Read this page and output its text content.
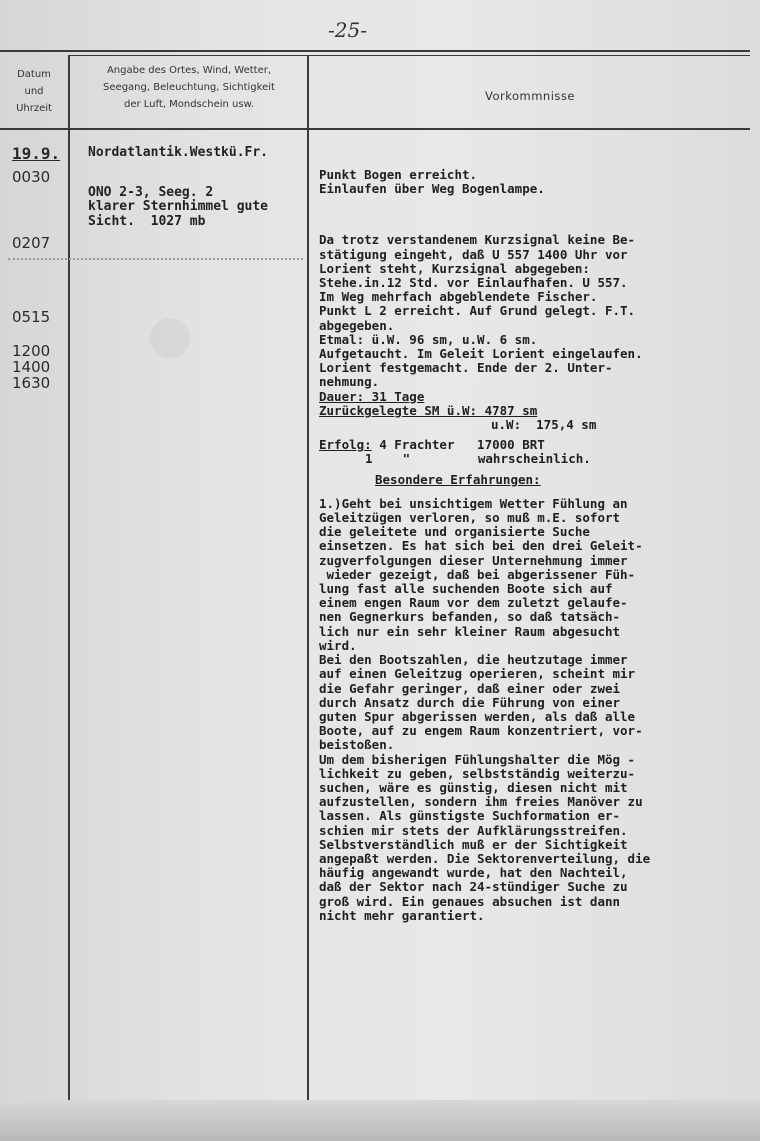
-25-
Datum
und
Uhrzeit
Angabe des Ortes, Wind, Wetter,
Seegang, Beleuchtung, Sichtigkeit
der Luft, Mondschein usw.
Vorkommnisse
19.9.
0030
0207
0515
1200
1400
1630
Nordatlantik.Westkü.Fr.
ONO 2-3, Seeg. 2
klarer Sternhimmel gute
Sicht.  1027 mb
Punkt Bogen erreicht.
Einlaufen über Weg Bogenlampe.
Da trotz verstandenem Kurzsignal keine Be-
stätigung eingeht, daß U 557 1400 Uhr vor
Lorient steht, Kurzsignal abgegeben:
Stehe.in.12 Std. vor Einlaufhafen. U 557.
Im Weg mehrfach abgeblendete Fischer.
Punkt L 2 erreicht. Auf Grund gelegt. F.T.
abgegeben.
Etmal: ü.W. 96 sm, u.W. 6 sm.
Aufgetaucht. Im Geleit Lorient eingelaufen.
Lorient festgemacht. Ende der 2. Unter-
nehmung.
Dauer: 31 Tage
Zurückgelegte SM ü.W: 4787 sm
u.W:  175,4 sm
Erfolg: 4 Frachter   17000 BRT
1    "         wahrscheinlich.
Besondere Erfahrungen:
1.)Geht bei unsichtigem Wetter Fühlung an
Geleitzügen verloren, so muß m.E. sofort
die geleitete und organisierte Suche
einsetzen. Es hat sich bei den drei Geleit-
zugverfolgungen dieser Unternehmung immer
wieder gezeigt, daß bei abgerissener Füh-
lung fast alle suchenden Boote sich auf
einem engen Raum vor dem zuletzt gelaufe-
nen Gegnerkurs befanden, so daß tatsäch-
lich nur ein sehr kleiner Raum abgesucht
wird.
Bei den Bootszahlen, die heutzutage immer
auf einen Geleitzug operieren, scheint mir
die Gefahr geringer, daß einer oder zwei
durch Ansatz durch die Führung von einer
guten Spur abgerissen werden, als daß alle
Boote, auf zu engem Raum konzentriert, vor-
beistoßen.
Um dem bisherigen Fühlungshalter die Mög -
lichkeit zu geben, selbstständig weiterzu-
suchen, wäre es günstig, diesen nicht mit
aufzustellen, sondern ihm freies Manöver zu
lassen. Als günstigste Suchformation er-
schien mir stets der Aufklärungsstreifen.
Selbstverständlich muß er der Sichtigkeit
angepaßt werden. Die Sektorenverteilung, die
häufig angewandt wurde, hat den Nachteil,
daß der Sektor nach 24-stündiger Suche zu
groß wird. Ein genaues absuchen ist dann
nicht mehr garantiert.
